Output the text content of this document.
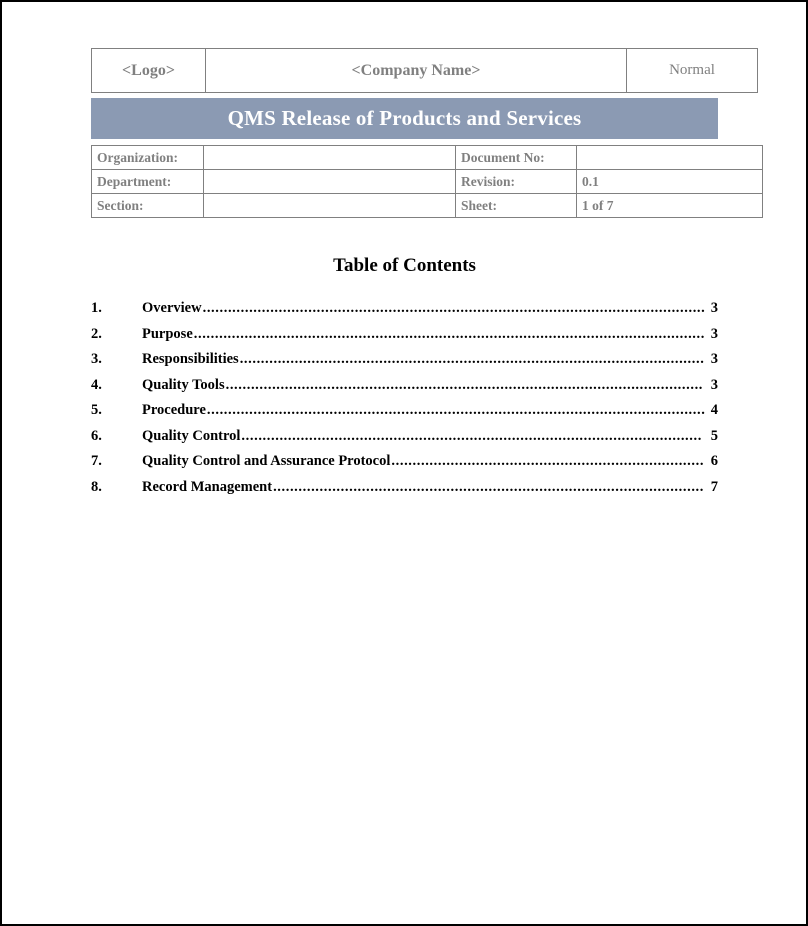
<Logo>	<Company Name>	Normal
QMS Release of Products and Services
Organization:		Document No:	
Department:		Revision:	0.1
Section:		Sheet:	1 of 7
Table of Contents
1.	Overview.......................................................................................................................	3
2.	Purpose.........................................................................................................................	3
3.	Responsibilities..............................................................................................................	3
4.	Quality Tools.................................................................................................................	3
5.	Procedure......................................................................................................................	4
6.	Quality Control.............................................................................................................	5
7.	Quality Control and Assurance Protocol..........................................................................	6
8.	Record Management......................................................................................................	7
